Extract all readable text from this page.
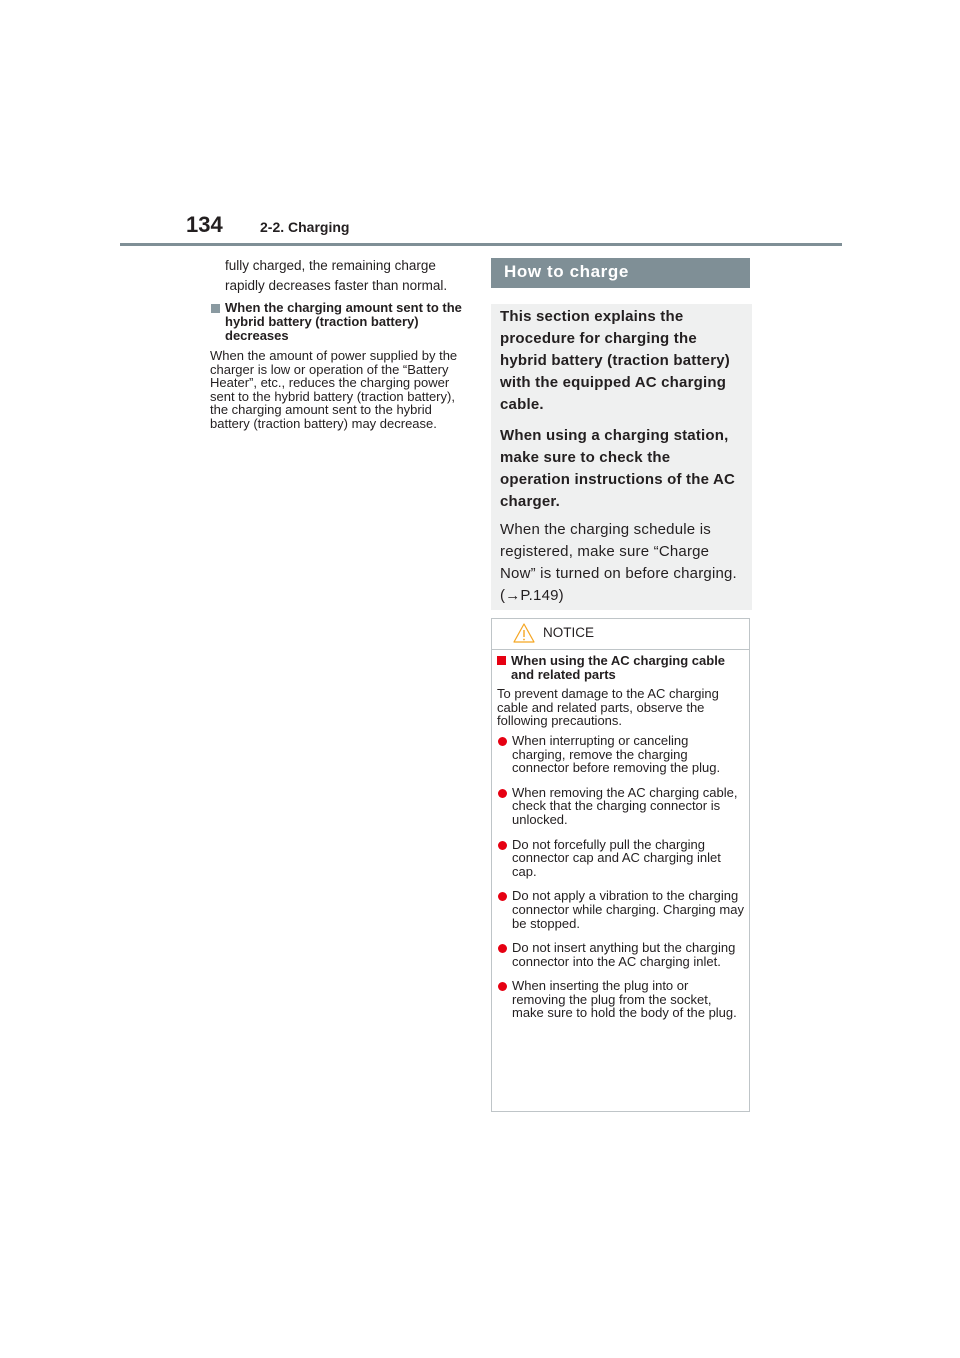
134	2-2. Charging

fully charged, the remaining charge rapidly decreases faster than normal.

When the charging amount sent to the hybrid battery (traction battery) decreases
When the amount of power supplied by the charger is low or operation of the “Battery Heater”, etc., reduces the charging power sent to the hybrid battery (traction battery), the charging amount sent to the hybrid battery (traction battery) may decrease.
How to charge

This section explains the procedure for charging the hybrid battery (traction battery) with the equipped AC charging cable.

When using a charging station, make sure to check the operation instructions of the AC charger.

When the charging schedule is registered, make sure “Charge Now” is turned on before charging. (→P.149)

NOTICE
When using the AC charging cable and related parts
To prevent damage to the AC charging cable and related parts, observe the following precautions.
When interrupting or canceling charging, remove the charging connector before removing the plug.
When removing the AC charging cable, check that the charging connector is unlocked.
Do not forcefully pull the charging connector cap and AC charging inlet cap.
Do not apply a vibration to the charging connector while charging. Charging may be stopped.
Do not insert anything but the charging connector into the AC charging inlet.
When inserting the plug into or removing the plug from the socket, make sure to hold the body of the plug.
